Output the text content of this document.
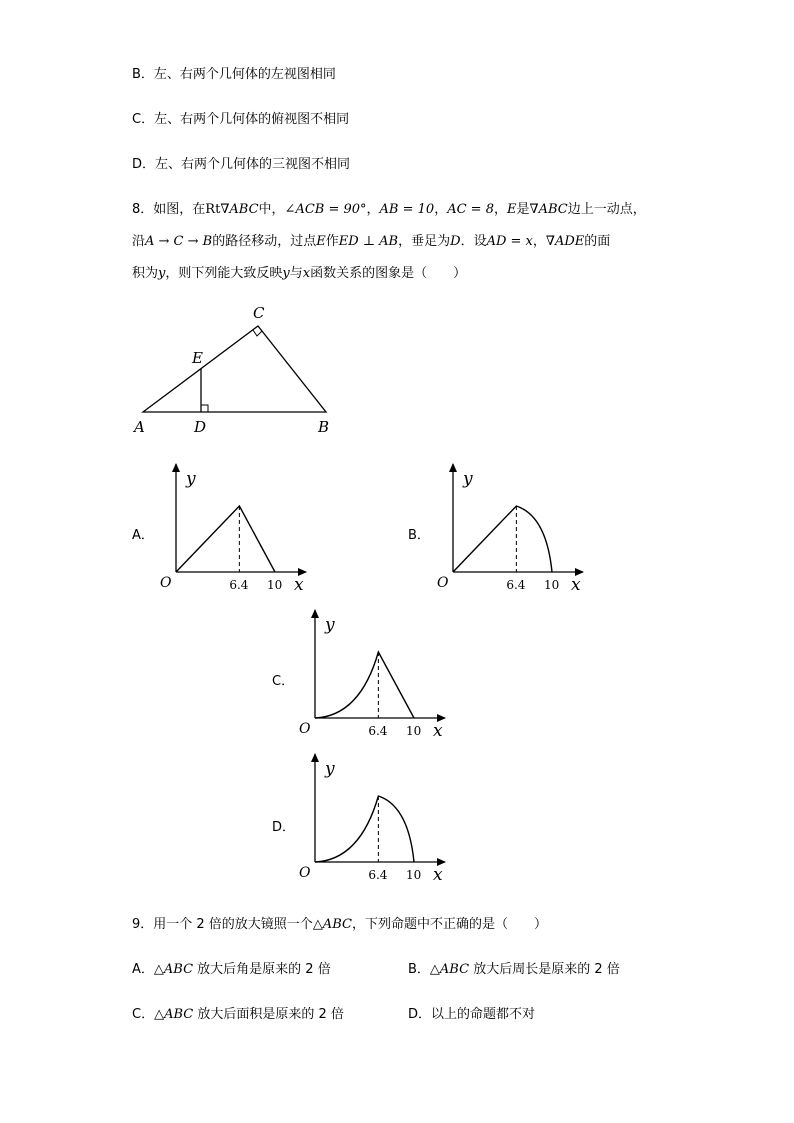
B．左、右两个几何体的左视图相同
C．左、右两个几何体的俯视图不相同
D．左、右两个几何体的三视图不相同
8．如图，在Rt∇ABC中，∠ACB = 90°，AB = 10，AC = 8，E是∇ABC边上一动点，
沿A → C → B的路径移动，过点E作ED ⊥ AB，垂足为D．设AD = x，∇ADE的面
积为y，则下列能大致反映y与x函数关系的图象是（　　）
A	D	B
E
C
A．	B．
C．
D．
6.4 10
O	x
y
6.4 10
O	x
y
6.4 10
O	x
y
6.4 10
O	x
y
9．用一个 2 倍的放大镜照一个△ABC，下列命题中不正确的是（　　）
A．△ABC 放大后角是原来的 2 倍	B．△ABC 放大后周长是原来的 2 倍
C．△ABC 放大后面积是原来的 2 倍	D．以上的命题都不对
